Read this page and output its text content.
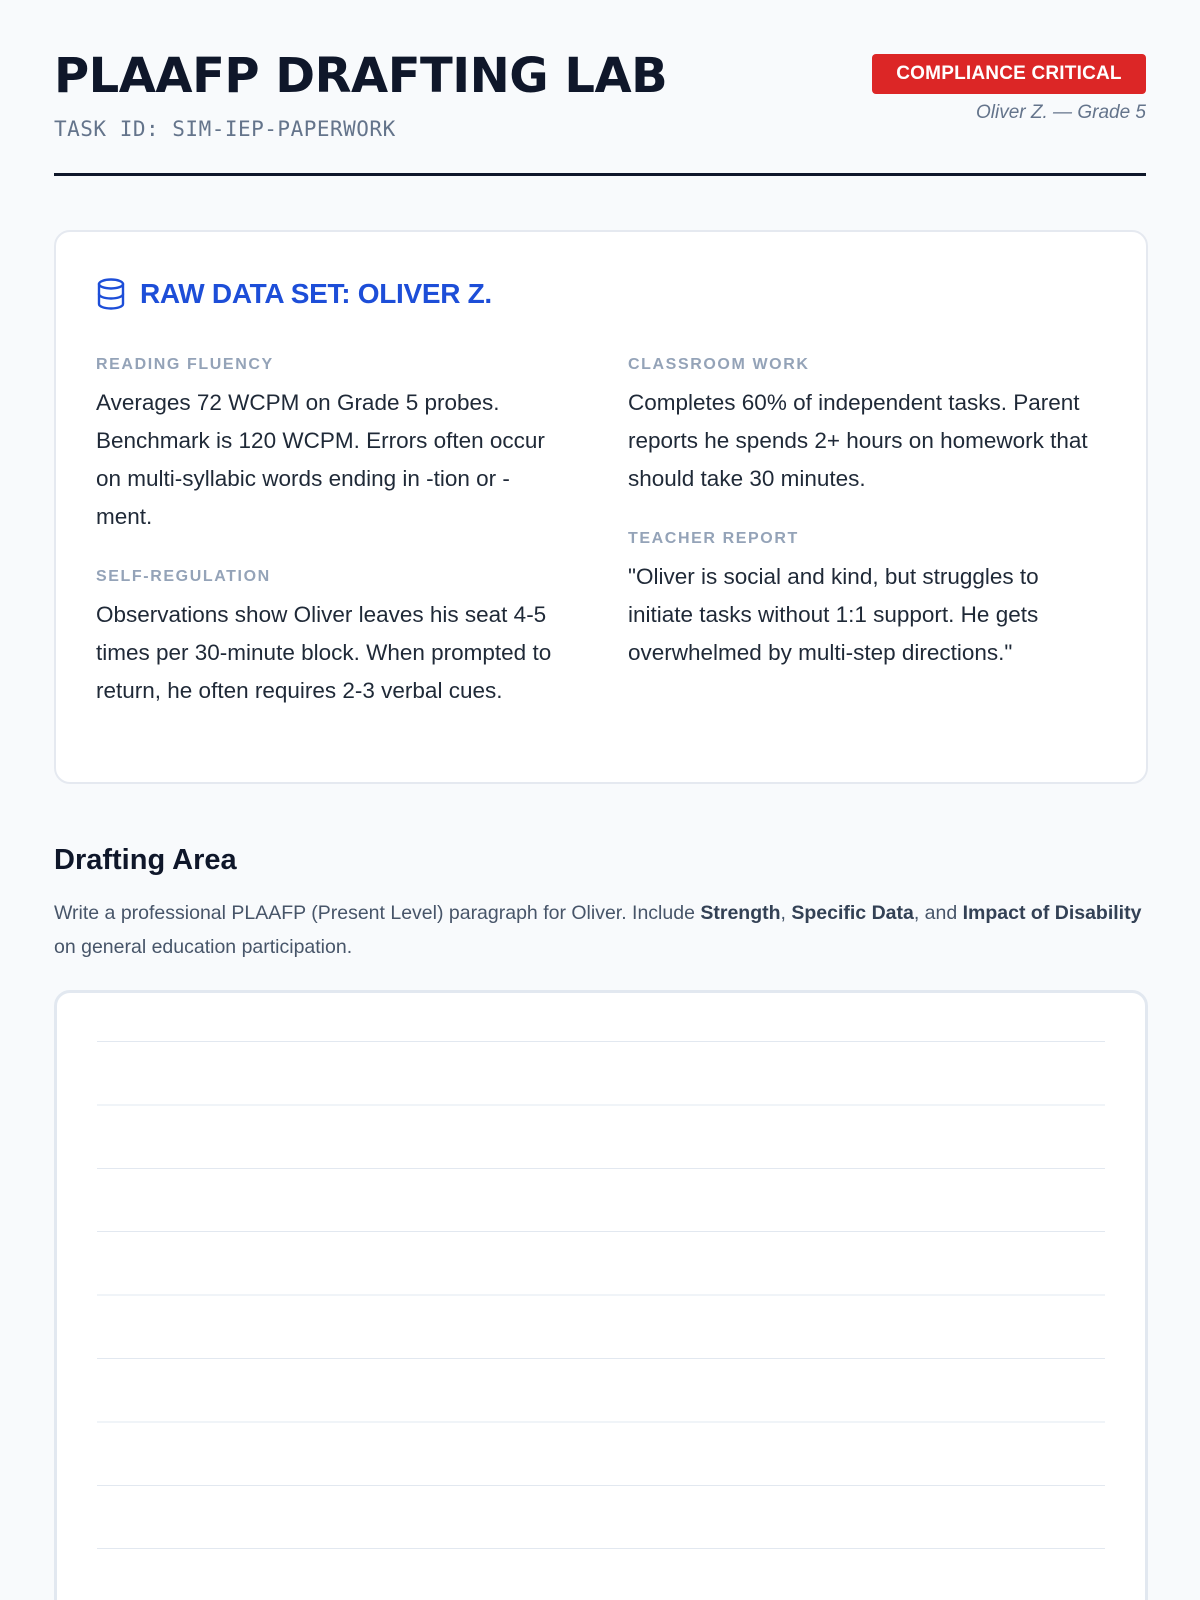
PLAAFP DRAFTING LAB
TASK ID: SIM-IEP-PAPERWORK
COMPLIANCE CRITICAL
Oliver Z. — Grade 5
RAW DATA SET: OLIVER Z.
READING FLUENCY
Averages 72 WCPM on Grade 5 probes. Benchmark is 120 WCPM. Errors often occur on multi-syllabic words ending in -tion or -ment.
SELF-REGULATION
Observations show Oliver leaves his seat 4-5 times per 30-minute block. When prompted to return, he often requires 2-3 verbal cues.
CLASSROOM WORK
Completes 60% of independent tasks. Parent reports he spends 2+ hours on homework that should take 30 minutes.
TEACHER REPORT
"Oliver is social and kind, but struggles to initiate tasks without 1:1 support. He gets overwhelmed by multi-step directions."
Drafting Area
Write a professional PLAAFP (Present Level) paragraph for Oliver. Include Strength, Specific Data, and Impact of Disability on general education participation.
